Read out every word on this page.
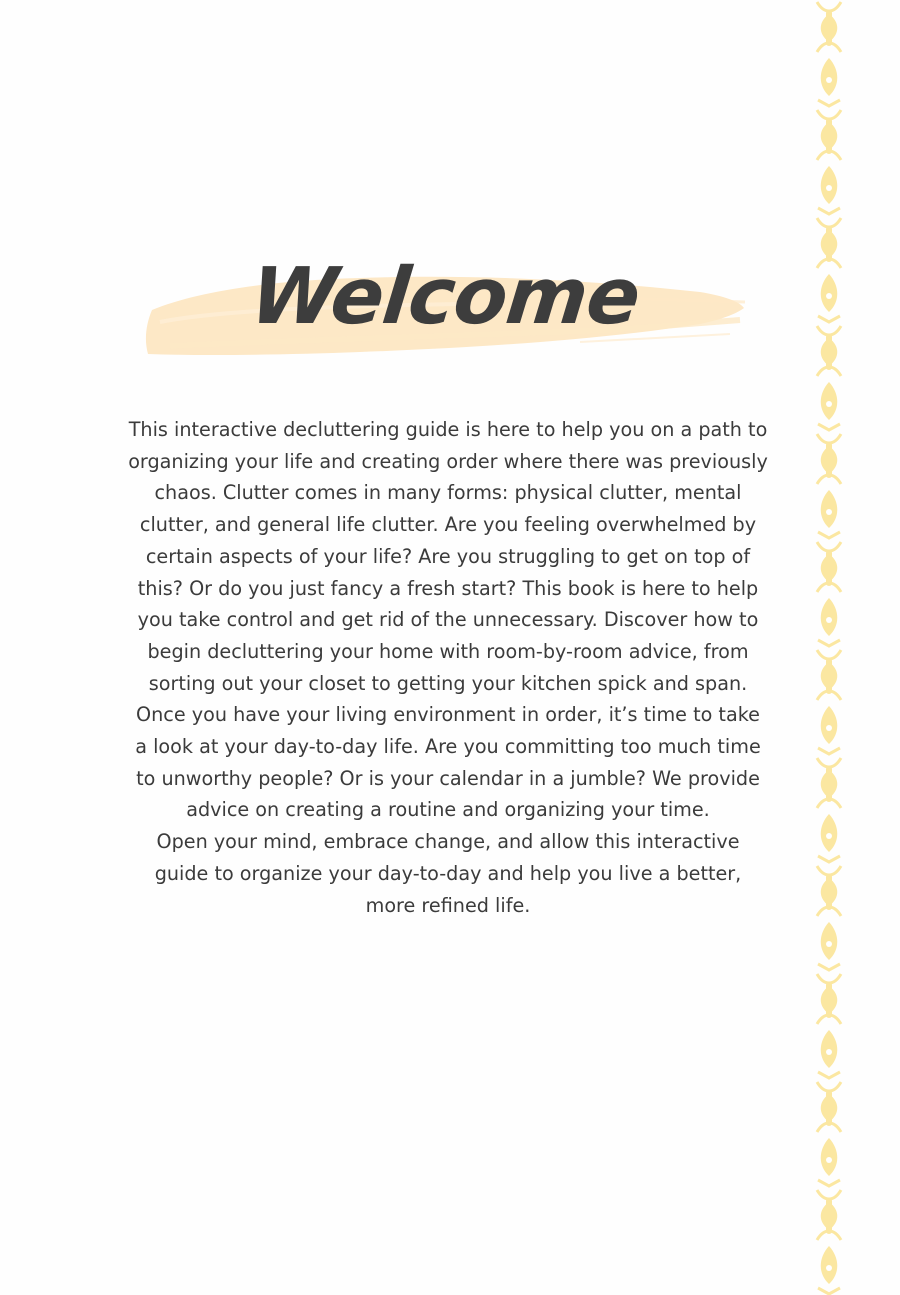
Welcome

This interactive decluttering guide is here to help you on a path to organizing your life and creating order where there was previously chaos. Clutter comes in many forms: physical clutter, mental clutter, and general life clutter. Are you feeling overwhelmed by certain aspects of your life? Are you struggling to get on top of this? Or do you just fancy a fresh start? This book is here to help you take control and get rid of the unnecessary. Discover how to begin decluttering your home with room-by-room advice, from sorting out your closet to getting your kitchen spick and span. Once you have your living environment in order, it’s time to take a look at your day-to-day life. Are you committing too much time to unworthy people? Or is your calendar in a jumble? We provide advice on creating a routine and organizing your time.

Open your mind, embrace change, and allow this interactive guide to organize your day-to-day and help you live a better, more refined life.
